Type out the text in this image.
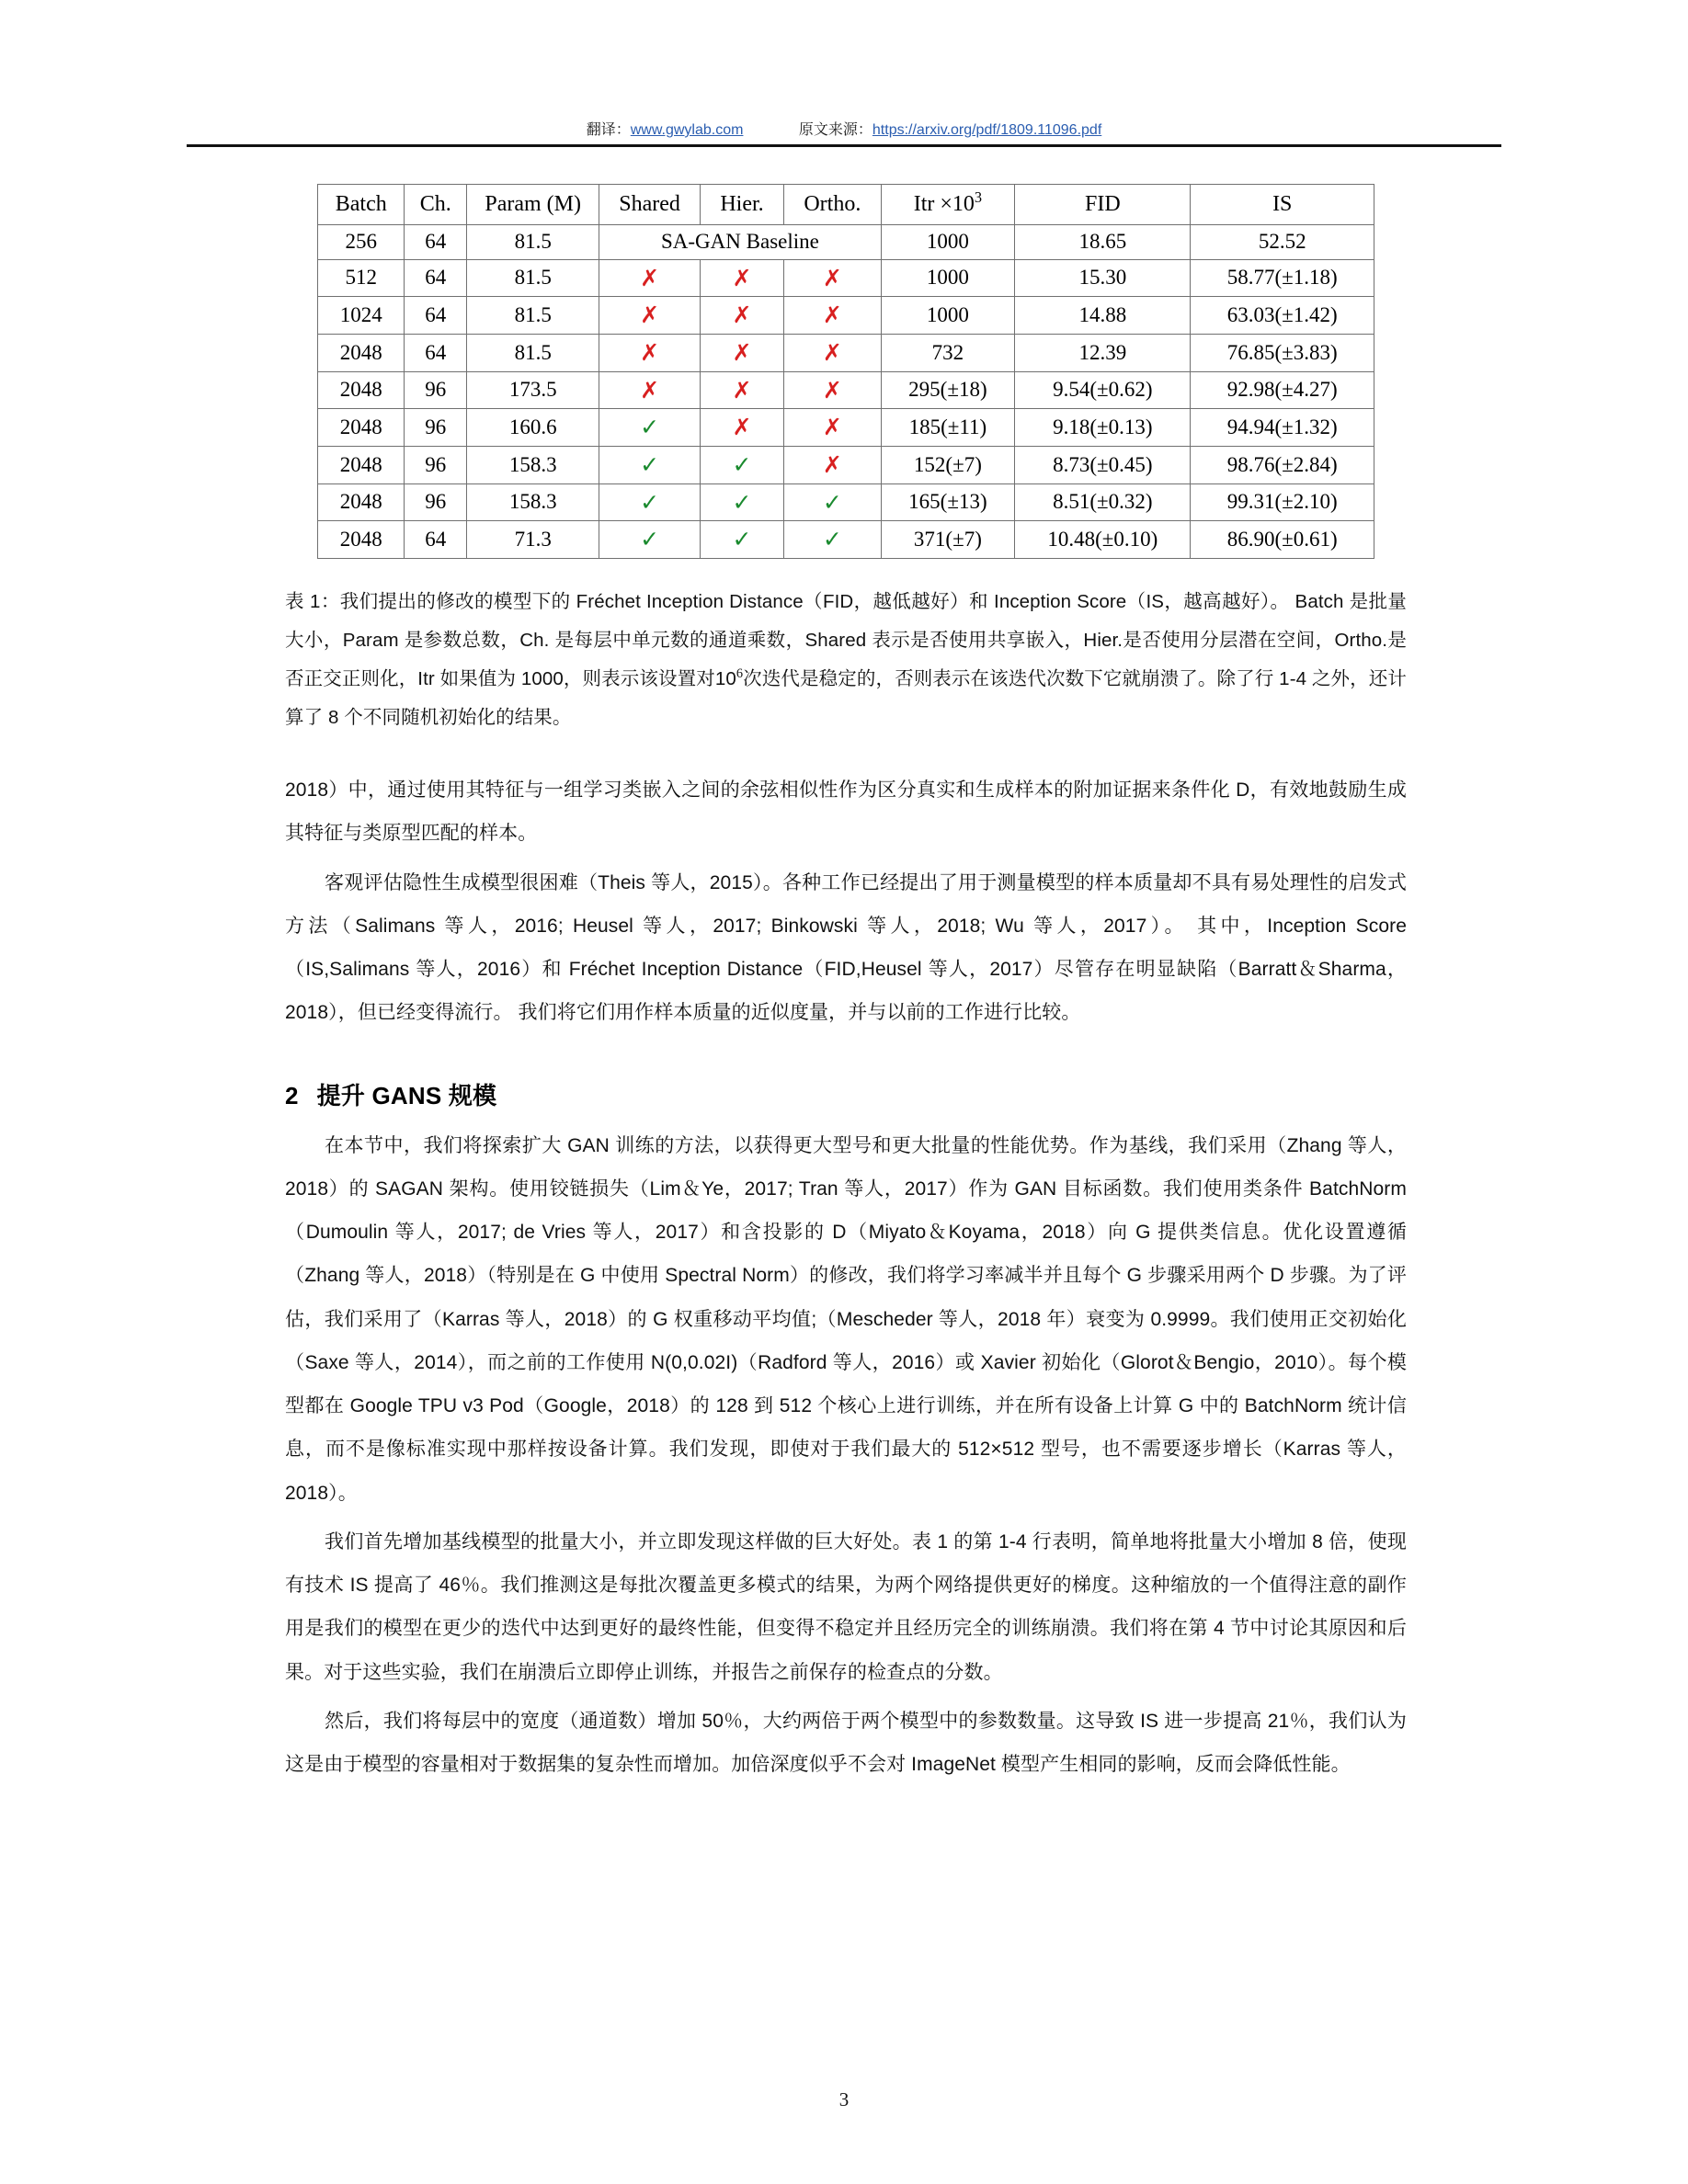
翻译：www.gwylab.com	原文来源：https://arxiv.org/pdf/1809.11096.pdf
Batch	Ch.	Param (M)	Shared	Hier.	Ortho.	Itr $\times 10^3$	FID	IS
256	64	81.5	SA-GAN Baseline			1000	18.65	52.52
512	64	81.5	✗	✗	✗	1000	15.30	58.77(±1.18)
1024	64	81.5	✗	✗	✗	1000	14.88	63.03(±1.42)
2048	64	81.5	✗	✗	✗	732	12.39	76.85(±3.83)
2048	96	173.5	✗	✗	✗	295(±18)	9.54(±0.62)	92.98(±4.27)
2048	96	160.6	✓	✗	✗	185(±11)	9.18(±0.13)	94.94(±1.32)
2048	96	158.3	✓	✓	✗	152(±7)	8.73(±0.45)	98.76(±2.84)
2048	96	158.3	✓	✓	✓	165(±13)	8.51(±0.32)	99.31(±2.10)
2048	64	71.3	✓	✓	✓	371(±7)	10.48(±0.10)	86.90(±0.61)
表 1：我们提出的修改的模型下的 Fréchet Inception Distance（FID，越低越好）和 Inception Score（IS，越高越好）。 Batch 是批量大小，Param 是参数总数，Ch. 是每层中单元数的通道乘数，Shared 表示是否使用共享嵌入，Hier.是否使用分层潜在空间，Ortho.是否正交正则化，Itr 如果值为 1000，则表示该设置对$10^6$次迭代是稳定的，否则表示在该迭代次数下它就崩溃了。除了行 1-4 之外，还计算了 8 个不同随机初始化的结果。

2018）中，通过使用其特征与一组学习类嵌入之间的余弦相似性作为区分真实和生成样本的附加证据来条件化 D，有效地鼓励生成其特征与类原型匹配的样本。

客观评估隐性生成模型很困难（Theis 等人，2015）。各种工作已经提出了用于测量模型的样本质量却不具有易处理性的启发式方法（Salimans 等人，2016; Heusel 等人，2017; Binkowski 等人，2018; Wu 等人，2017）。 其中，Inception Score（IS,Salimans 等人，2016）和 Fréchet Inception Distance（FID,Heusel 等人，2017）尽管存在明显缺陷（Barratt＆Sharma，2018），但已经变得流行。 我们将它们用作样本质量的近似度量，并与以前的工作进行比较。

2 提升 GANS 规模

在本节中，我们将探索扩大 GAN 训练的方法，以获得更大型号和更大批量的性能优势。作为基线，我们采用（Zhang 等人，2018）的 SAGAN 架构。使用铰链损失（Lim＆Ye，2017; Tran 等人，2017）作为 GAN 目标函数。我们使用类条件 BatchNorm（Dumoulin 等人，2017; de Vries 等人，2017）和含投影的 D（Miyato＆Koyama，2018）向 G 提供类信息。优化设置遵循（Zhang 等人，2018）（特别是在 G 中使用 Spectral Norm）的修改，我们将学习率减半并且每个 G 步骤采用两个 D 步骤。为了评估，我们采用了（Karras 等人，2018）的 G 权重移动平均值;（Mescheder 等人，2018 年）衰变为 0.9999。我们使用正交初始化（Saxe 等人，2014），而之前的工作使用 N(0,0.02I)（Radford 等人，2016）或 Xavier 初始化（Glorot＆Bengio，2010）。每个模型都在 Google TPU v3 Pod（Google，2018）的 128 到 512 个核心上进行训练，并在所有设备上计算 G 中的 BatchNorm 统计信息，而不是像标准实现中那样按设备计算。我们发现，即使对于我们最大的 512×512 型号，也不需要逐步增长（Karras 等人，2018）。

我们首先增加基线模型的批量大小，并立即发现这样做的巨大好处。表 1 的第 1-4 行表明，简单地将批量大小增加 8 倍，使现有技术 IS 提高了 46％。我们推测这是每批次覆盖更多模式的结果，为两个网络提供更好的梯度。这种缩放的一个值得注意的副作用是我们的模型在更少的迭代中达到更好的最终性能，但变得不稳定并且经历完全的训练崩溃。我们将在第 4 节中讨论其原因和后果。对于这些实验，我们在崩溃后立即停止训练，并报告之前保存的检查点的分数。

然后，我们将每层中的宽度（通道数）增加 50％，大约两倍于两个模型中的参数数量。这导致 IS 进一步提高 21％，我们认为这是由于模型的容量相对于数据集的复杂性而增加。加倍深度似乎不会对 ImageNet 模型产生相同的影响，反而会降低性能。

3
